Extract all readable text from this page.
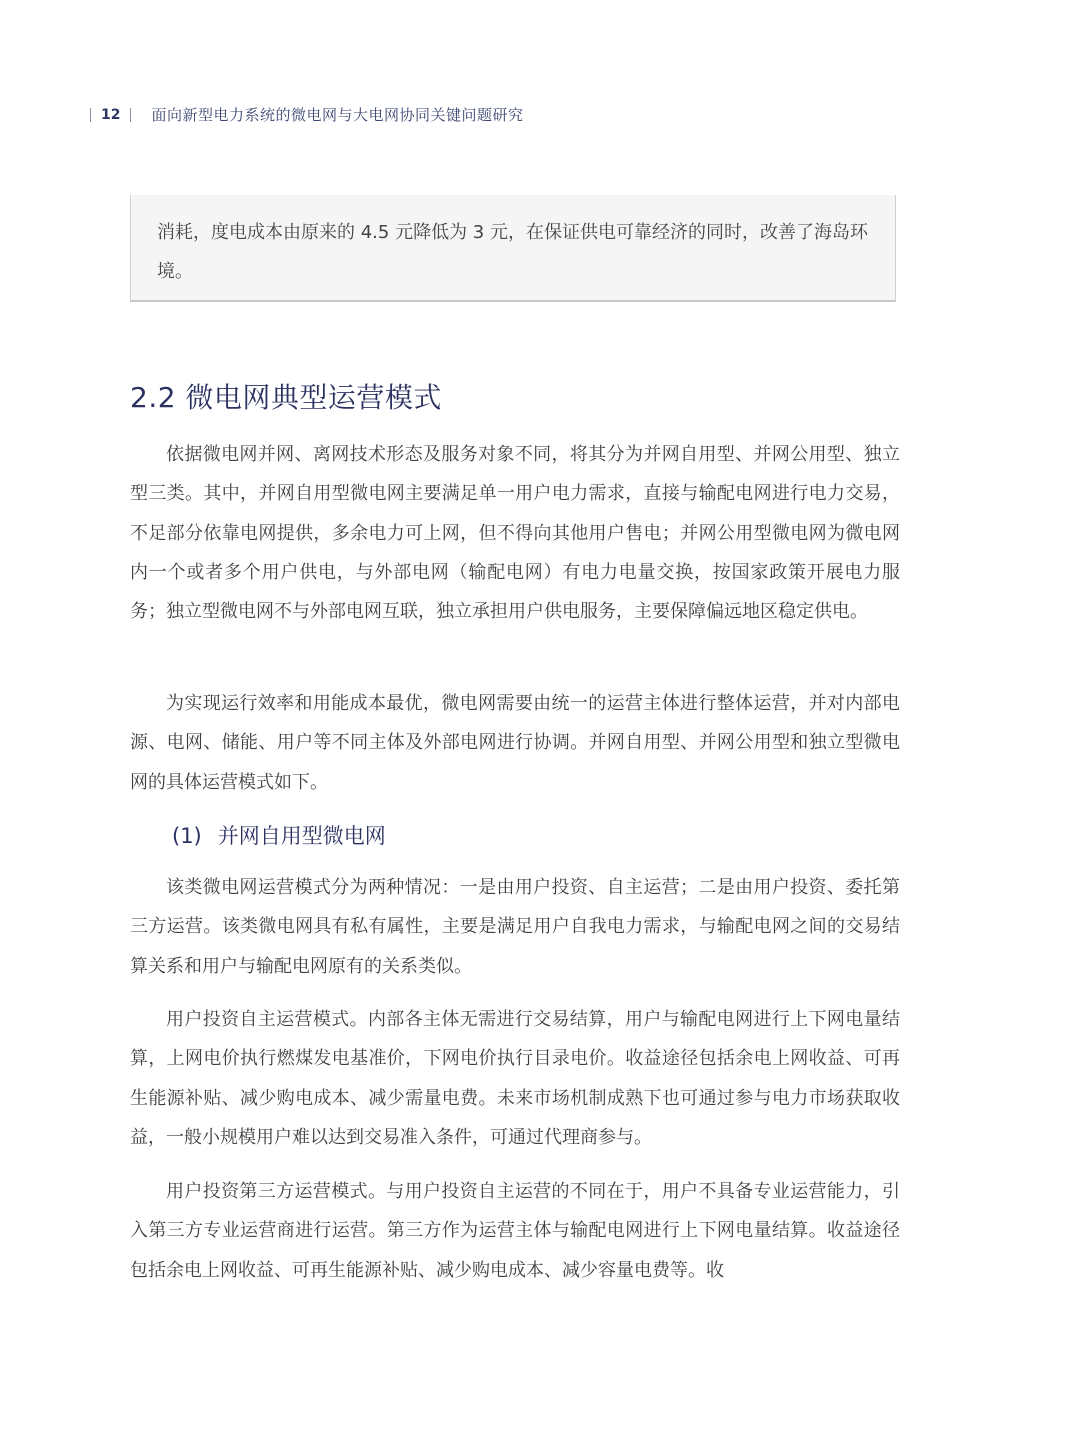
12 面向新型电力系统的微电网与大电网协同关键问题研究
消耗，度电成本由原来的 4.5 元降低为 3 元，在保证供电可靠经济的同时，改善了海岛环境。
2.2 微电网典型运营模式

依据微电网并网、离网技术形态及服务对象不同，将其分为并网自用型、并网公用型、独立型三类。其中，并网自用型微电网主要满足单一用户电力需求，直接与输配电网进行电力交易，不足部分依靠电网提供，多余电力可上网，但不得向其他用户售电；并网公用型微电网为微电网内一个或者多个用户供电，与外部电网（输配电网）有电力电量交换，按国家政策开展电力服务；独立型微电网不与外部电网互联，独立承担用户供电服务，主要保障偏远地区稳定供电。

为实现运行效率和用能成本最优，微电网需要由统一的运营主体进行整体运营，并对内部电源、电网、储能、用户等不同主体及外部电网进行协调。并网自用型、并网公用型和独立型微电网的具体运营模式如下。

(1) 并网自用型微电网

该类微电网运营模式分为两种情况：一是由用户投资、自主运营；二是由用户投资、委托第三方运营。该类微电网具有私有属性，主要是满足用户自我电力需求，与输配电网之间的交易结算关系和用户与输配电网原有的关系类似。

用户投资自主运营模式。内部各主体无需进行交易结算，用户与输配电网进行上下网电量结算，上网电价执行燃煤发电基准价，下网电价执行目录电价。收益途径包括余电上网收益、可再生能源补贴、减少购电成本、减少需量电费。未来市场机制成熟下也可通过参与电力市场获取收益，一般小规模用户难以达到交易准入条件，可通过代理商参与。

用户投资第三方运营模式。与用户投资自主运营的不同在于，用户不具备专业运营能力，引入第三方专业运营商进行运营。第三方作为运营主体与输配电网进行上下网电量结算。收益途径包括余电上网收益、可再生能源补贴、减少购电成本、减少容量电费等。收
